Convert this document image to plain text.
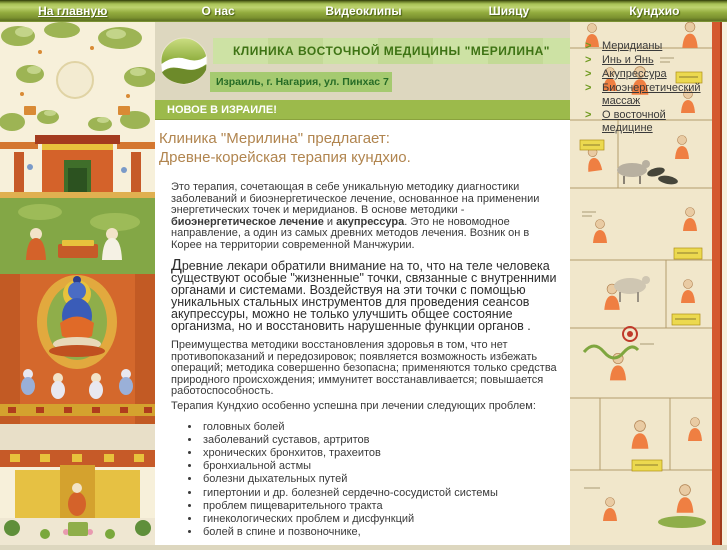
На главную	О нас	Видеоклипы	Шияцу	Кундхио
КЛИНИКА ВОСТОЧНОЙ МЕДИЦИНЫ "МЕРИЛИНА"
Израиль, г. Нагария, ул. Пинхас 7
НОВОЕ В ИЗРАИЛЕ!
Клиника "Мерилина" предлагает:
Древне-корейская терапия кундхио.

Это терапия, сочетающая в себе уникальную методику диагностики заболеваний и биоэнергетическое лечение, основанное на применении энергетических точек и меридианов. В основе методики - биоэнергетическое лечение и акупрессура. Это не новомодное направление, а один из самых древних методов лечения. Возник он в Корее на территории современной Манчжурии.

Древние лекари обратили внимание на то, что на теле человека существуют особые "жизненные" точки, связанные с внутренними органами и системами. Воздействуя на эти точки с помощью уникальных стальных инструментов для проведения сеансов акупрессуры, можно не только улучшить общее состояние организма, но и восстановить нарушенные функции органов .

Преимущества методики восстановления здоровья в том, что нет противопоказаний и передозировок; появляется возможность избежать операций; методика совершенно безопасна; применяются только средства природного происхождения; иммунитет восстанавливается; повышается работоспособность.

Терапия Кундхио особенно успешна при лечении следующих проблем:

• головных болей
• заболеваний суставов, артритов
• хронических бронхитов, трахеитов
• бронхиальной астмы
• болезни дыхательных путей
• гипертонии и др. болезней сердечно-сосудистой системы
• проблем пищеварительного тракта
• гинекологических проблем и дисфункций
• болей в спине и позвоночнике,
> Меридианы
> Инь и Янь
> Акупрессура
> Биоэнергетический массаж
> О восточной медицине
